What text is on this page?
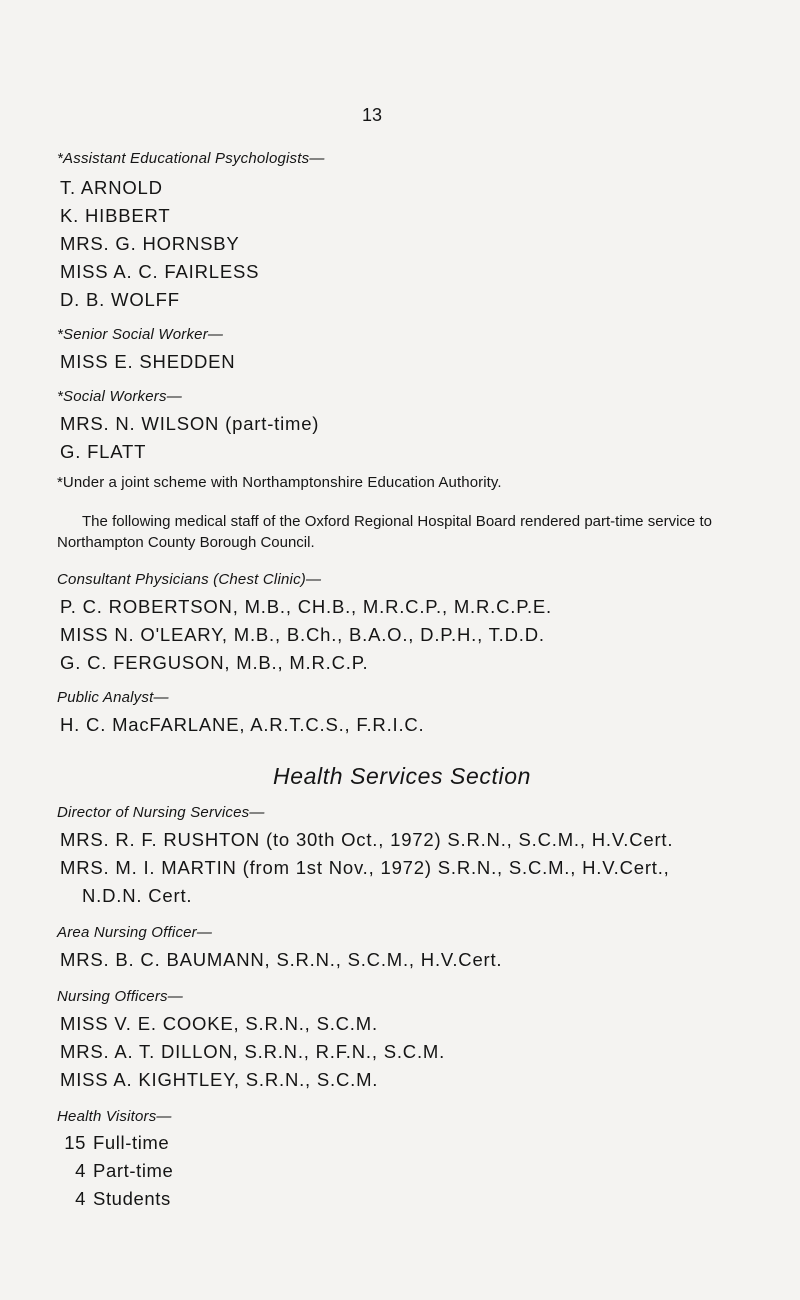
13
*Assistant Educational Psychologists—
T. ARNOLD
K. HIBBERT
MRS. G. HORNSBY
MISS A. C. FAIRLESS
D. B. WOLFF
*Senior Social Worker—
MISS E. SHEDDEN
*Social Workers—
MRS. N. WILSON (part-time)
G. FLATT
*Under a joint scheme with Northamptonshire Education Authority.

The following medical staff of the Oxford Regional Hospital Board rendered part-time service to Northampton County Borough Council.

Consultant Physicians (Chest Clinic)—
P. C. ROBERTSON, M.B., CH.B., M.R.C.P., M.R.C.P.E.
MISS N. O'LEARY, M.B., B.Ch., B.A.O., D.P.H., T.D.D.
G. C. FERGUSON, M.B., M.R.C.P.
Public Analyst—
H. C. MacFARLANE, A.R.T.C.S., F.R.I.C.
Health Services Section
Director of Nursing Services—
MRS. R. F. RUSHTON (to 30th Oct., 1972) S.R.N., S.C.M., H.V.Cert.
MRS. M. I. MARTIN (from 1st Nov., 1972) S.R.N., S.C.M., H.V.Cert.,
N.D.N. Cert.
Area Nursing Officer—
MRS. B. C. BAUMANN, S.R.N., S.C.M., H.V.Cert.
Nursing Officers—
MISS V. E. COOKE, S.R.N., S.C.M.
MRS. A. T. DILLON, S.R.N., R.F.N., S.C.M.
MISS A. KIGHTLEY, S.R.N., S.C.M.
Health Visitors—
15 Full-time
4 Part-time
4 Students
